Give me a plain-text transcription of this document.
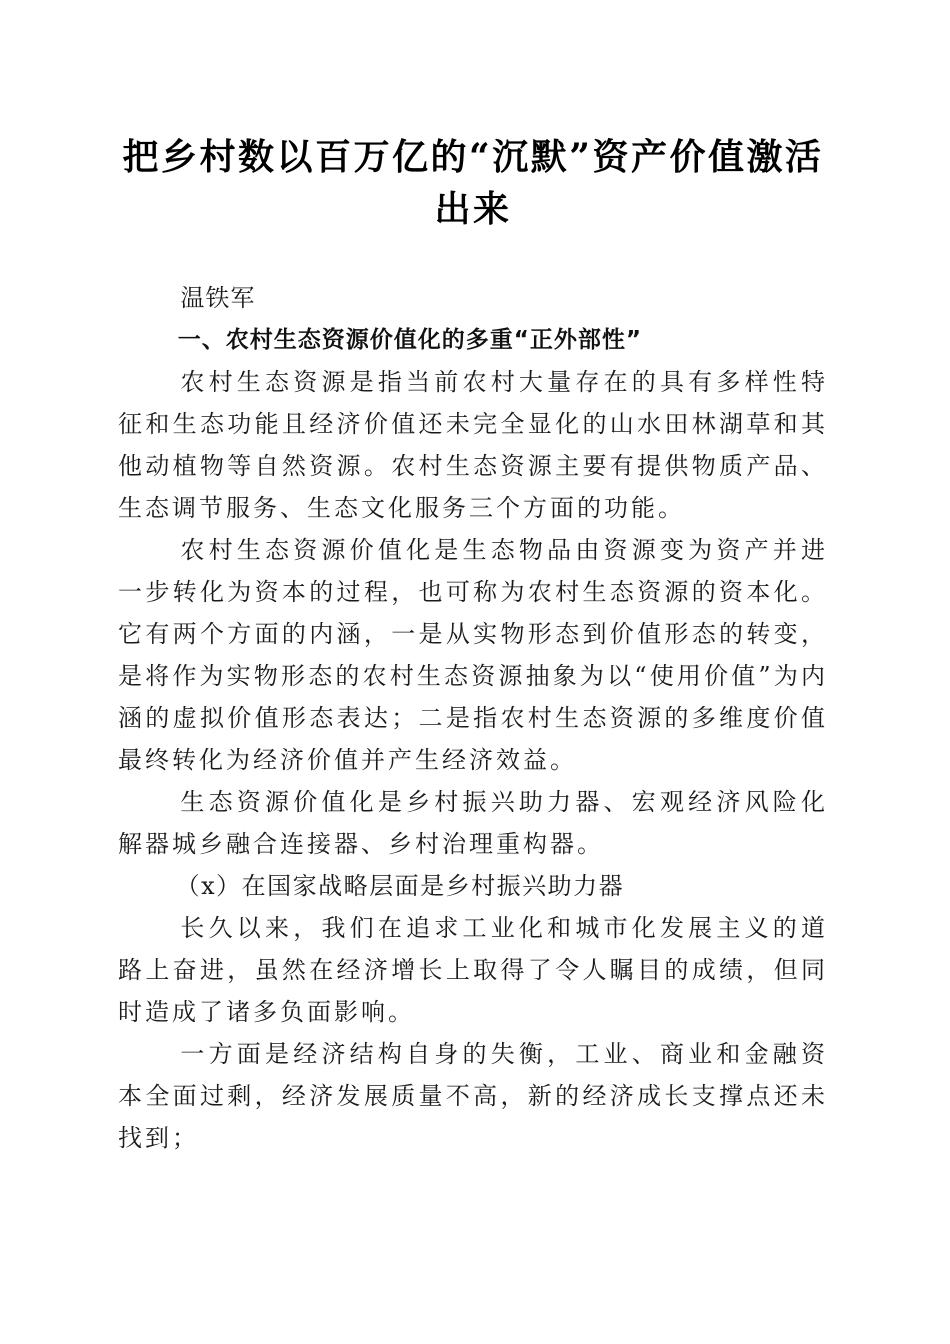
把乡村数以百万亿的“沉默”资产价值激活出来

温铁军

一、农村生态资源价值化的多重“正外部性”

农村生态资源是指当前农村大量存在的具有多样性特征和生态功能且经济价值还未完全显化的山水田林湖草和其他动植物等自然资源。农村生态资源主要有提供物质产品、生态调节服务、生态文化服务三个方面的功能。

农村生态资源价值化是生态物品由资源变为资产并进一步转化为资本的过程，也可称为农村生态资源的资本化。它有两个方面的内涵，一是从实物形态到价值形态的转变，是将作为实物形态的农村生态资源抽象为以“使用价值”为内涵的虚拟价值形态表达；二是指农村生态资源的多维度价值最终转化为经济价值并产生经济效益。

生态资源价值化是乡村振兴助力器、宏观经济风险化解器城乡融合连接器、乡村治理重构器。

（x）在国家战略层面是乡村振兴助力器

长久以来，我们在追求工业化和城市化发展主义的道路上奋进，虽然在经济增长上取得了令人瞩目的成绩，但同时造成了诸多负面影响。

一方面是经济结构自身的失衡，工业、商业和金融资本全面过剩，经济发展质量不高，新的经济成长支撑点还未找到；
